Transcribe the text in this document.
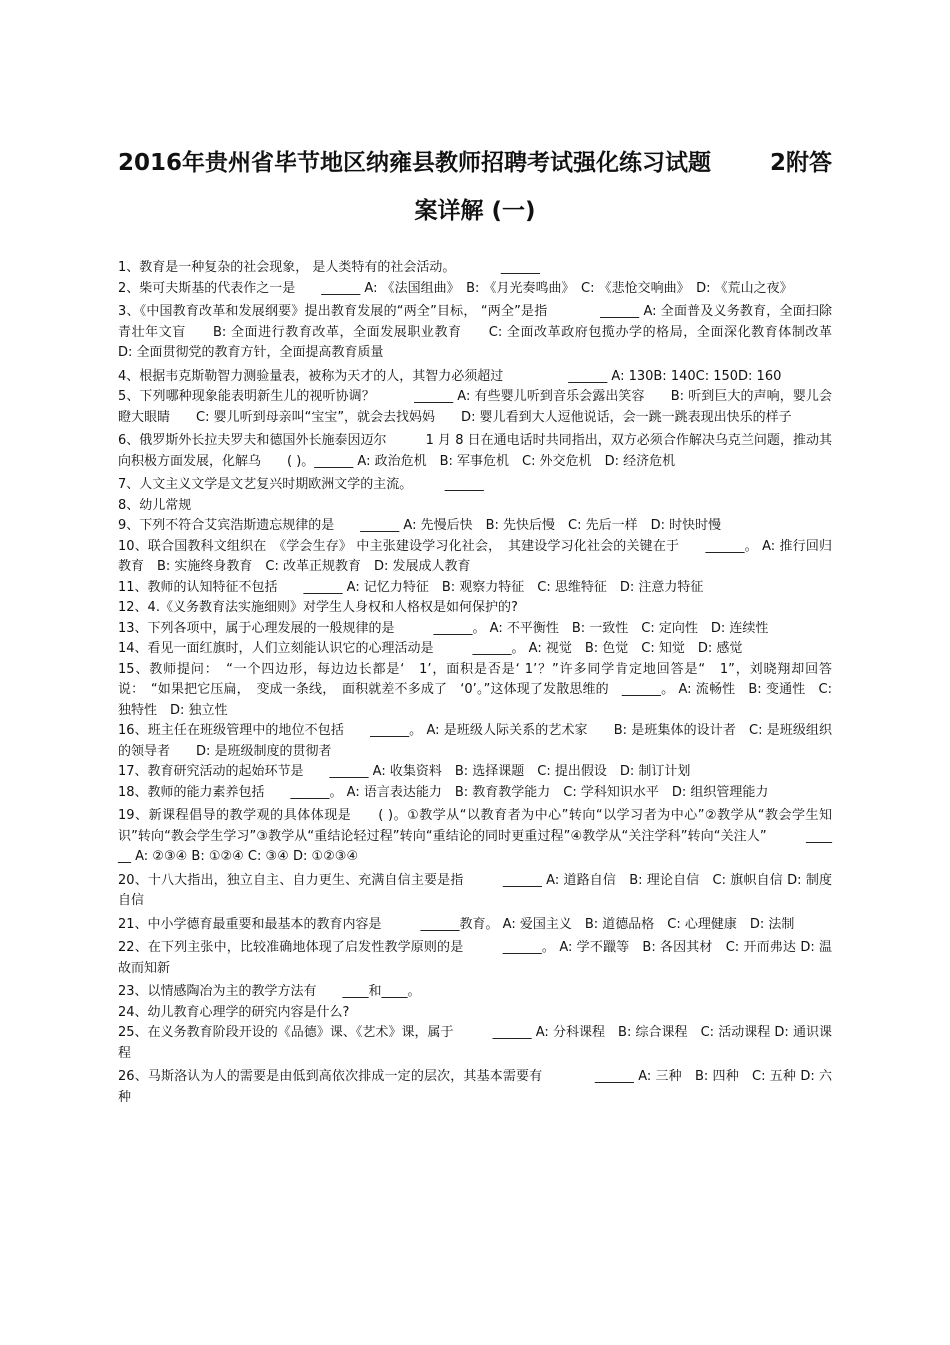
2016年贵州省毕节地区纳雍县教师招聘考试强化练习试题	2附答
案详解 (一)

1、教育是一种复杂的社会现象， 是人类特有的社会活动。　　　　______

2、柴可夫斯基的代表作之一是　　______ A: 《法国组曲》　B: 《月光奏鸣曲》　C: 《悲怆交响曲》　D: 《荒山之夜》

3、《中国教育改革和发展纲要》提出教育发展的“两全”目标， “两全”是指　　　　______ A: 全面普及义务教育，全面扫除青壮年文盲　　B: 全面进行教育改革，全面发展职业教育　　C: 全面改革政府包揽办学的格局，全面深化教育体制改革　　D: 全面贯彻党的教育方针，全面提高教育质量

4、根据韦克斯勒智力测验量表，被称为天才的人，其智力必须超过　　　　　______ A: 130B: 140C: 150D: 160

5、下列哪种现象能表明新生儿的视听协调？　　　______ A: 有些婴儿听到音乐会露出笑容　　B: 听到巨大的声响，婴儿会瞪大眼睛　　C: 婴儿听到母亲叫“宝宝”，就会去找妈妈　　D: 婴儿看到大人逗他说话，会一跳一跳表现出快乐的样子

6、俄罗斯外长拉夫罗夫和德国外长施泰因迈尔　　　1 月 8 日在通电话时共同指出，双方必须合作解决乌克兰问题，推动其向积极方面发展，化解乌　　( )。______ A: 政治危机　B: 军事危机　C: 外交危机　D: 经济危机

7、人文主义文学是文艺复兴时期欧洲文学的主流。　　　______

8、幼儿常规

9、下列不符合艾宾浩斯遗忘规律的是　　______ A: 先慢后快　B: 先快后慢　C: 先后一样　D: 时快时慢

10、联合国教科文组织在　《学会生存》 中主张建设学习化社会，　其建设学习化社会的关键在于　　______。 A: 推行回归教育　B: 实施终身教育　C: 改革正规教育　D: 发展成人教育

11、教师的认知特征不包括　　______ A: 记忆力特征　B: 观察力特征　C: 思维特征　D: 注意力特征

12、4.《义务教育法实施细则》对学生人身权和人格权是如何保护的?

13、下列各项中，属于心理发展的一般规律的是　　　______。 A: 不平衡性　B: 一致性　C: 定向性　D: 连续性

14、看见一面红旗时，人们立刻能认识它的心理活动是　　　______。 A: 视觉　B: 色觉　C: 知觉　D: 感觉

15、教师提问：　“一个四边形，每边边长都是‘　1’，面积是否是‘ 1’？”许多同学肯定地回答是“　1”，刘晓翔却回答说：　“如果把它压扁，　变成一条线，　面积就差不多成了　‘0’。”这体现了发散思维的　______。 A: 流畅性　B: 变通性　C: 独特性　D: 独立性

16、班主任在班级管理中的地位不包括　　______。 A: 是班级人际关系的艺术家　　B: 是班集体的设计者　C: 是班级组织的领导者　　D: 是班级制度的贯彻者

17、教育研究活动的起始环节是　　______ A: 收集资料　B: 选择课题　C: 提出假设　D: 制订计划

18、教师的能力素养包括　　______。 A: 语言表达能力　B: 教育教学能力　C: 学科知识水平　D: 组织管理能力

19、新课程倡导的教学观的具体体现是　　( )。①教学从“以教育者为中心”转向“以学习者为中心”②教学从“教会学生知识”转向“教会学生学习”③教学从“重结论轻过程”转向“重结论的同时更重过程”④教学从“关注学科”转向“关注人”　　　______ A: ②③④ B: ①②④ C: ③④ D: ①②③④

20、十八大指出，独立自主、自力更生、充满自信主要是指　　　______ A: 道路自信　B: 理论自信　C: 旗帜自信 D: 制度自信

21、中小学德育最重要和最基本的教育内容是　　　______教育。 A: 爱国主义　B: 道德品格　C: 心理健康　D: 法制

22、在下列主张中，比较准确地体现了启发性教学原则的是　　　______。 A: 学不躐等　B: 各因其材　C: 开而弗达 D: 温故而知新

23、以情感陶冶为主的教学方法有　　____和____。

24、幼儿教育心理学的研究内容是什么?

25、在义务教育阶段开设的《品德》课、《艺术》课，属于　　　______ A: 分科课程　B: 综合课程　C: 活动课程 D: 通识课程

26、马斯洛认为人的需要是由低到高依次排成一定的层次，其基本需要有　　　　______ A: 三种　B: 四种　C: 五种 D: 六种
